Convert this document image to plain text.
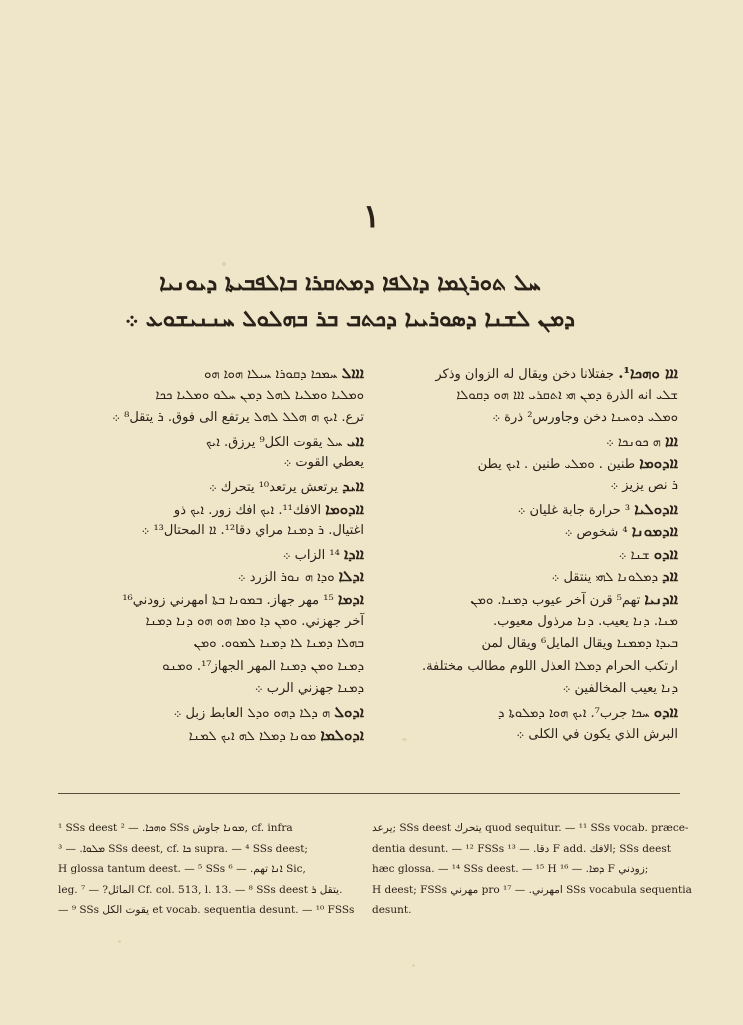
١
ܚܠ ܬܘܪܓܡܐ ܕܐܠܦܐ ܕܡܬܩܪܐ ܒܐܠܦܒܝܬܐ ܕܝܘܢܝܐ
ܕܡܢ ܠܫܢܐ ܕܣܘܪܝܝܐ ܕܟܬܒ ܒܪ ܒܗܠܘܠ ܚܢܢܝܫܘܥ ܀
ܐܐܐ ܘܗܟܐ¹. جفتلانا دخن ويقال له الزوان وذكر
ܫܠܝ انه الذرة ܕܡܢ ܗܝ ܐܬܩܪܝ ܐܐܐ ܗܘ ܕܩܘܠܐ
ܘܡܠܝ ܕܘܚܢܐ دخن وجاورس² ذرة ܀
ܐܐܐ ܗ ܟܘܢܟܐ ܀
ܐܐܕܘܡܐ طنين . ܘܡܠܝ طنين . ܐܝܟ يطن
ܪ نص يزيز ܀
ܐܐܕܘܠܝܐ ³ حرارة جابة غليان ܀
ܐܐܕܡܘܢܐ ⁴ شخوص ܀
ܐܐܕܘ ܫܢܐ ܀
ܐܐܕ ܕܡܠܘܢܐ ܠܗܝ ينتقل ܀
ܐܐܕܢܝܐ تهم⁵ قرن آخر عيوب ܕܡܢܐ. ܘܡܢ
ܡܢܐ. ܕܢܐ يعيب. ܕܢܐ مرذول معيوب.
ܒܝܕܐ ܕܡܡܢܐ ويقال المايل⁶ ويقال لمن
ارتكب الحرام ܕܡܠܐ العذل اللوم مطالب مختلفة.
ܕܢܐ يعيب المخالفين ܀
ܐܐܕܘ ܚܟܐ جرب⁷. ܐܝܟ ܗܘܐ ܕܡܠܘܬܐ ܕ
البرش الذي يكون في الكلى ܀
ܐܐܐܠ ܚܡܟܐ ܕܩܘܪܐ ܚܝܠܐ ܗܘܐ ܗܘ
ܘܡܠܝܐ ܘܡܠܝܐ ܠܗܠ ܕܡܢ ܚܠܘ ܘܡܠܝܐ ܟܟܐ
ترع. ܐܝܟ ܗ ܗܠܠ ܠܗܠ يرتفع الى فوق. ܪ يتقل⁸ ܀
ܐܐܝ ܚܠ يقوت الكل⁹ يرزق. ܐܝܟ
يعطي القوت ܀
ܐܐܝܕ يرتعش يرتعد¹⁰ يتحرك ܀
ܐܐܕܘܡܐ الافك¹¹. ܐܝܟ افك زور. ܐܝܟ ذو
اغتيال. ܪ ܕܡܢܐ مراي دقا¹². ܐܐ المحتال¹³ ܀
ܐܐܕܐ ¹⁴ الزاب ܀
ܐܕܠܐ ܘܕܐ ܗ ܢܘܪ الزرد ܀
ܐܕܡܐ ¹⁵ مهر جهاز. ܒܡܘܢܐ ܒܬܐ امهرني زودني¹⁶
آخر جهزني. ܘܡܢ ܕܐ ܘܡܐ ܗܘ ܗܘ ܕܢܐ ܕܡܢܐ
ܒܗܠܐ ܕܡܢܐ ܠܐ ܕܡܢܐ ܠܡܘܘ. ܘܡܢ
ܕܡܢܐ ܘܡܢ ܕܡܢܐ المهر الجهاز¹⁷. ܘܡܢܘ
ܕܡܢܐ جهزني الرب ܀
ܐܕܘܠ ܗ ܕܠܐ ܕܗܘ ܘܕܠ العابط زبل ܀
ܐܕܘܠܡܐ ܡܘܢܐ ܕܡܠܐ ܠܗ ܐܝܟ ܠܡܢܐ
¹ SSs deest ܘܗܟܐ. — ² SSs ܡܘܢܐ جاوش, cf. infra
ܡܠܘܐ. — ³ SSs deest, cf. ܟܐ supra. — ⁴ SSs deest;
H glossa tantum deest. — ⁵ SSs ܐܢܐ تهم. — ⁶ Sic,
leg. المائل? — ⁷ Cf. col. 513, l. 13. — ⁸ SSs deest يتقل ܪ.
— ⁹ SSs يقوت الكل et vocab. sequentia desunt. — ¹⁰ FSSs
يرعد; SSs deest يتحرك quod sequitur. — ¹¹ SSs vocab. præce-
dentia desunt. — ¹² FSSs دقا. — ¹³ F add. الافك; SSs deest
hæc glossa. — ¹⁴ SSs deest. — ¹⁵ H ܕܡܐ. — ¹⁶ F زودني;
H deest; FSSs مهرني pro امهرني. — ¹⁷ SSs vocabula sequentia
desunt.
